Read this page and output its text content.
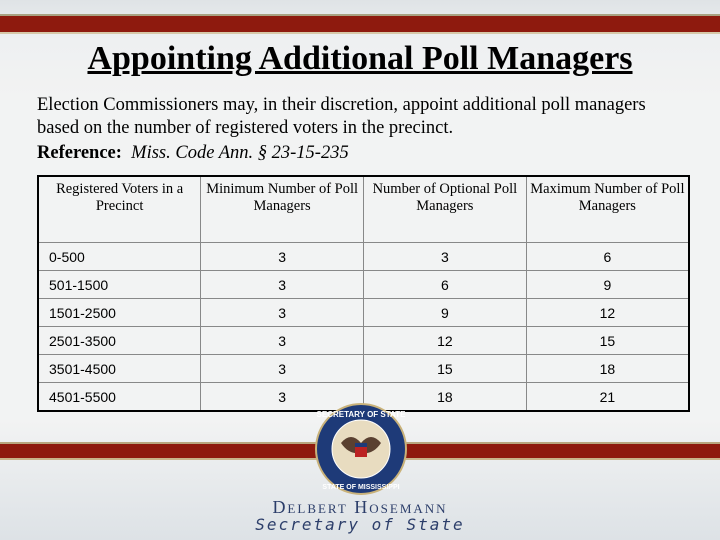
Appointing Additional Poll Managers
Election Commissioners may, in their discretion, appoint additional poll managers based on the number of registered voters in the precinct.
Reference: Miss. Code Ann. § 23-15-235
Registered Voters in a Precinct	Minimum Number of Poll Managers	Number of Optional Poll Managers	Maximum Number of Poll Managers
0-500	3	3	6
501-1500	3	6	9
1501-2500	3	9	12
2501-3500	3	12	15
3501-4500	3	15	18
4501-5500	3	18	21
SECRETARY OF STATE
STATE OF MISSISSIPPI
Delbert Hosemann
Secretary of State
